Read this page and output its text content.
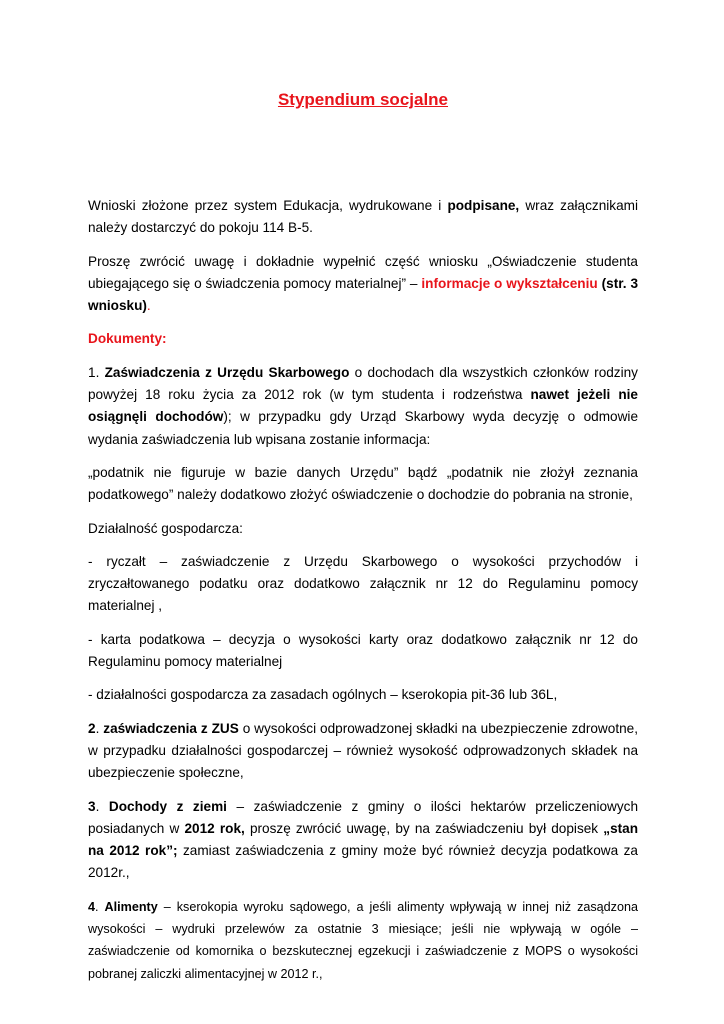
Stypendium socjalne

Wnioski złożone przez system Edukacja, wydrukowane i podpisane, wraz załącznikami należy dostarczyć do pokoju 114 B-5.

Proszę zwrócić uwagę i dokładnie wypełnić część wniosku „Oświadczenie studenta ubiegającego się o świadczenia pomocy materialnej” – informacje o wykształceniu (str. 3 wniosku).

Dokumenty:

1. Zaświadczenia z Urzędu Skarbowego o dochodach dla wszystkich członków rodziny powyżej 18 roku życia za 2012 rok (w tym studenta i rodzeństwa nawet jeżeli nie osiągnęli dochodów); w przypadku gdy Urząd Skarbowy wyda decyzję o odmowie wydania zaświadczenia lub wpisana zostanie informacja:

„podatnik nie figuruje w bazie danych Urzędu” bądź „podatnik nie złożył zeznania podatkowego” należy dodatkowo złożyć oświadczenie o dochodzie do pobrania na stronie,

Działalność gospodarcza:

- ryczałt – zaświadczenie z Urzędu Skarbowego o wysokości przychodów i zryczałtowanego podatku oraz dodatkowo załącznik nr 12 do Regulaminu pomocy materialnej ,

- karta podatkowa – decyzja o wysokości karty oraz dodatkowo załącznik nr 12 do Regulaminu pomocy materialnej

- działalności gospodarcza za zasadach ogólnych – kserokopia pit-36 lub 36L,

2. zaświadczenia z ZUS o wysokości odprowadzonej składki na ubezpieczenie zdrowotne, w przypadku działalności gospodarczej – również wysokość odprowadzonych składek na ubezpieczenie społeczne,

3. Dochody z ziemi – zaświadczenie z gminy o ilości hektarów przeliczeniowych posiadanych w 2012 rok, proszę zwrócić uwagę, by na zaświadczeniu był dopisek „stan na 2012 rok”; zamiast zaświadczenia z gminy może być również decyzja podatkowa za 2012r.,

4. Alimenty – kserokopia wyroku sądowego, a jeśli alimenty wpływają w innej niż zasądzona wysokości – wydruki przelewów za ostatnie 3 miesiące; jeśli nie wpływają w ogóle – zaświadczenie od komornika o bezskutecznej egzekucji i zaświadczenie z MOPS o wysokości pobranej zaliczki alimentacyjnej w 2012 r.,
